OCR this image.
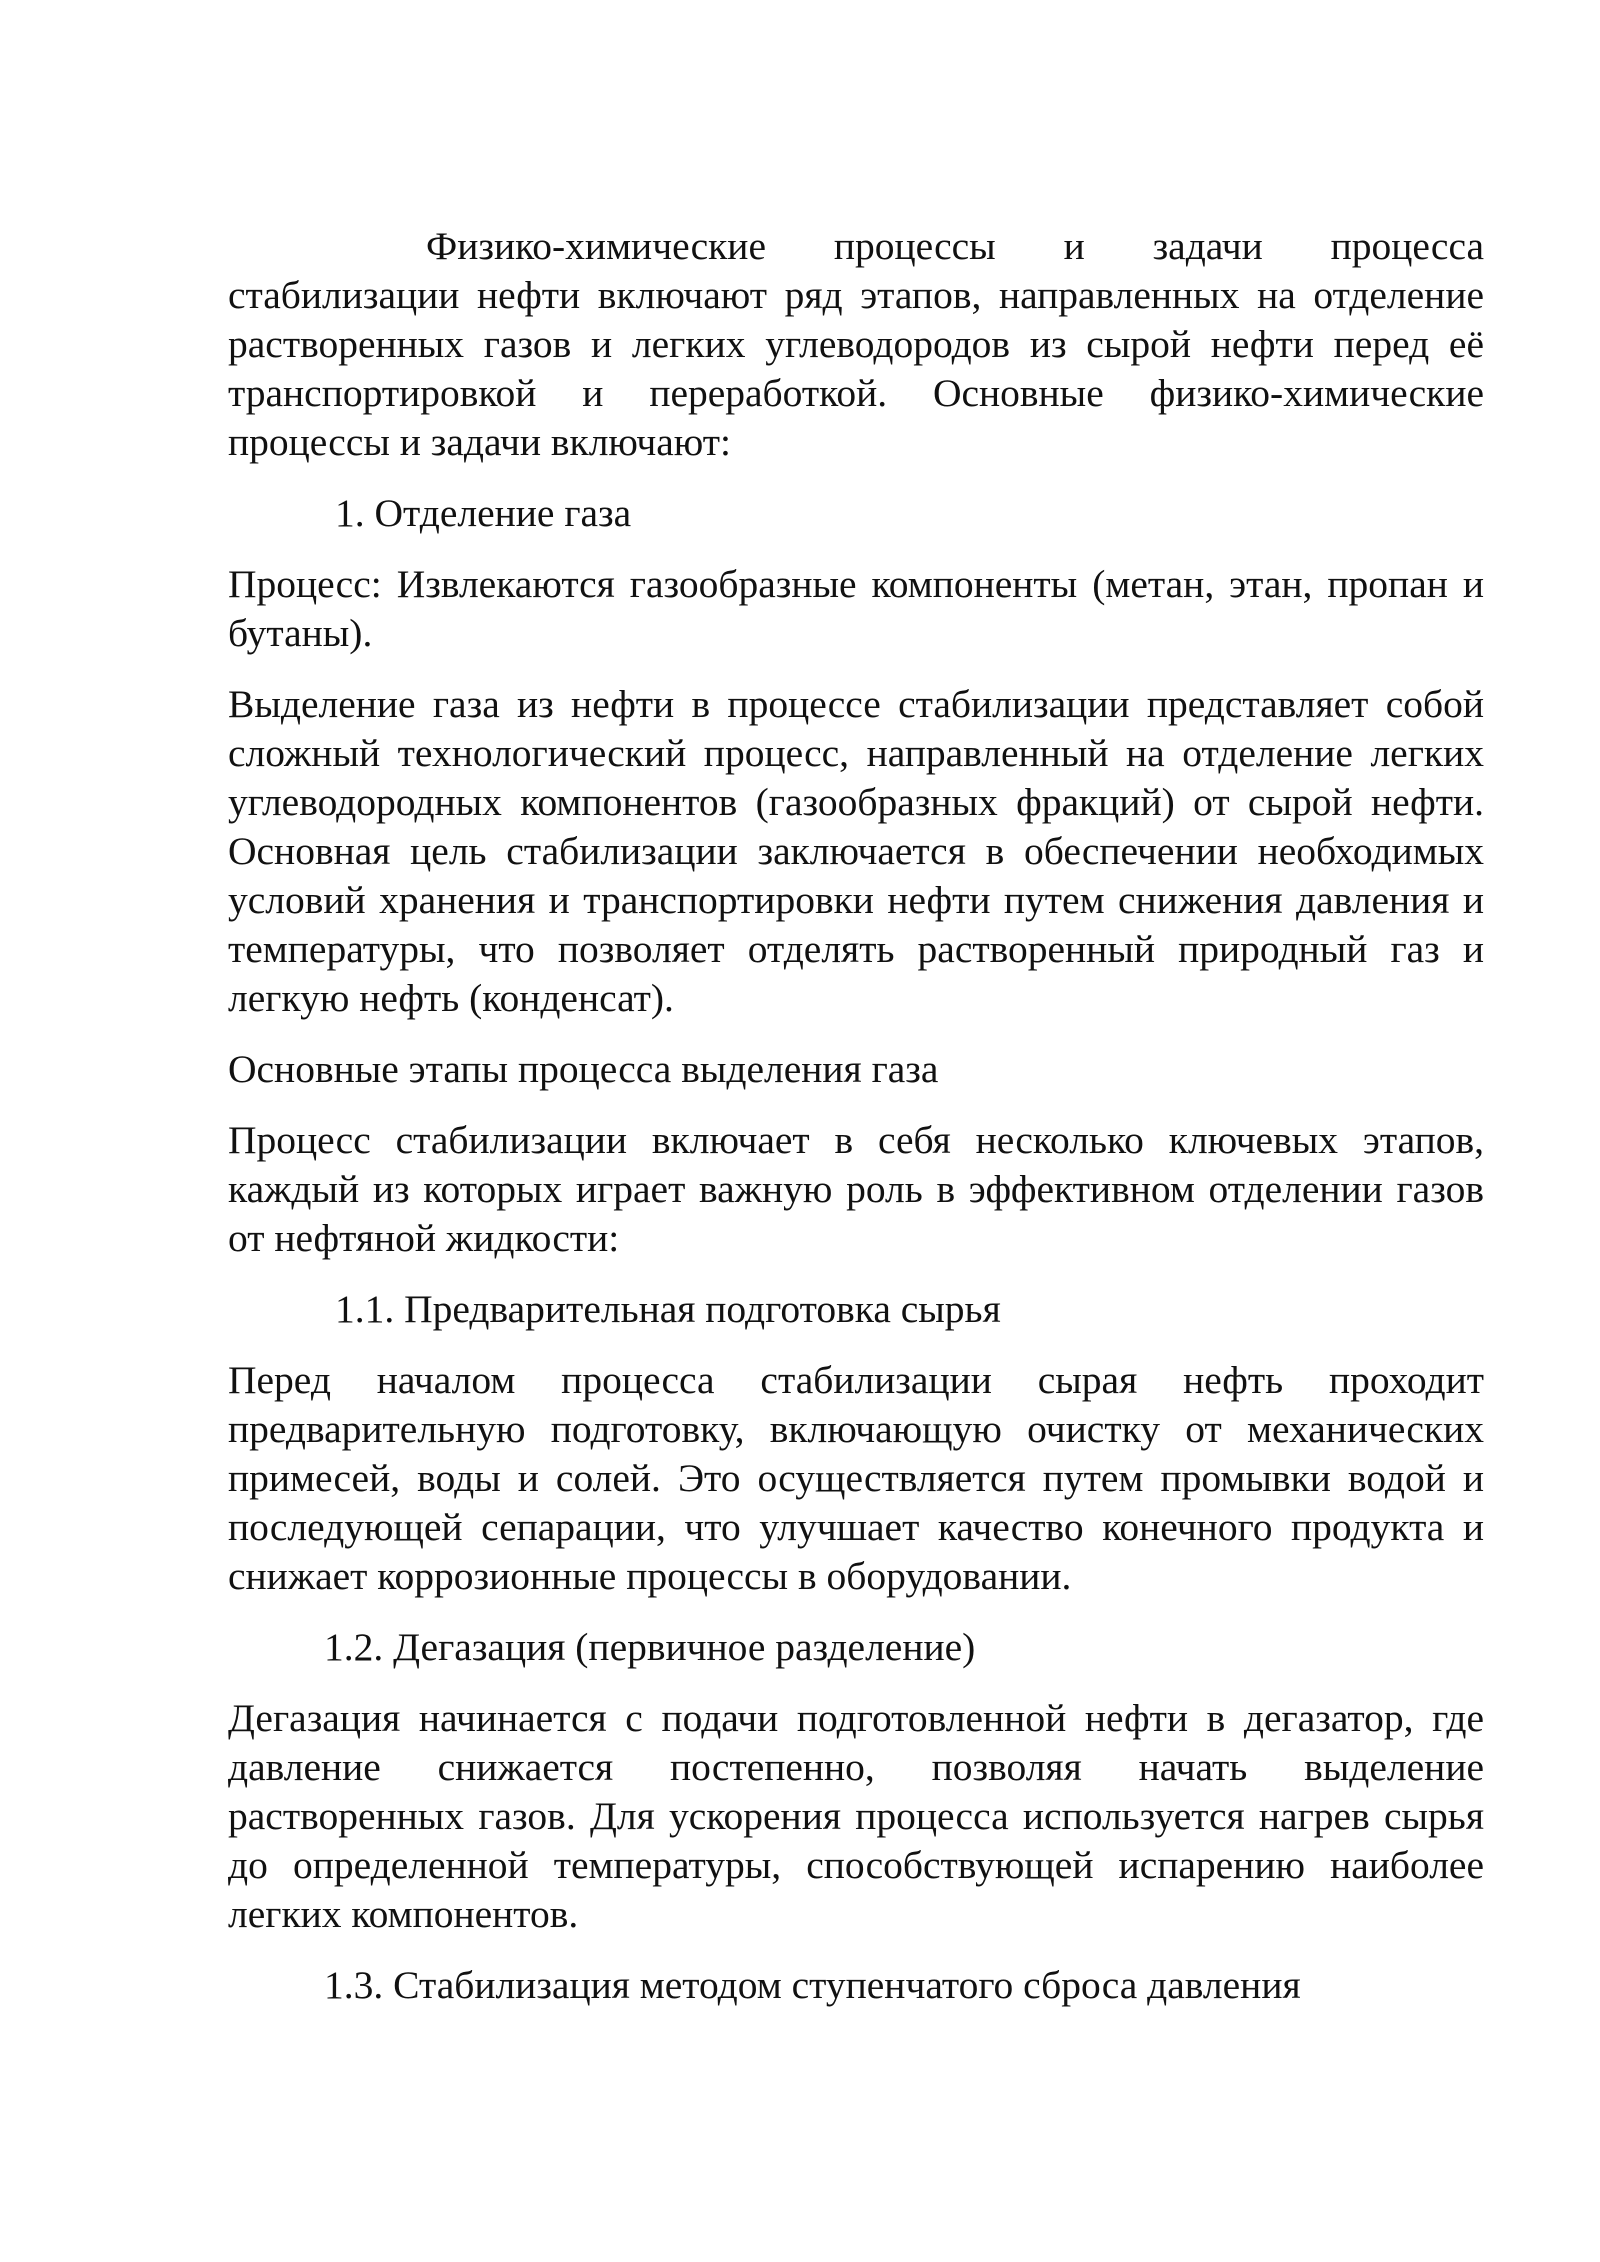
Физико-химические процессы и задачи процесса стабилизации нефти включают ряд этапов, направленных на отделение растворенных газов и легких углеводородов из сырой нефти перед её транспортировкой и переработкой. Основные физико-химические процессы и задачи включают:

1. Отделение газа

Процесс: Извлекаются газообразные компоненты (метан, этан, пропан и бутаны).

Выделение газа из нефти в процессе стабилизации представляет собой сложный технологический процесс, направленный на отделение легких углеводородных компонентов (газообразных фракций) от сырой нефти. Основная цель стабилизации заключается в обеспечении необходимых условий хранения и транспортировки нефти путем снижения давления и температуры, что позволяет отделять растворенный природный газ и легкую нефть (конденсат).

Основные этапы процесса выделения газа

Процесс стабилизации включает в себя несколько ключевых этапов, каждый из которых играет важную роль в эффективном отделении газов от нефтяной жидкости:

1.1. Предварительная подготовка сырья

Перед началом процесса стабилизации сырая нефть проходит предварительную подготовку, включающую очистку от механических примесей, воды и солей. Это осуществляется путем промывки водой и последующей сепарации, что улучшает качество конечного продукта и снижает коррозионные процессы в оборудовании.

1.2. Дегазация (первичное разделение)

Дегазация начинается с подачи подготовленной нефти в дегазатор, где давление снижается постепенно, позволяя начать выделение растворенных газов. Для ускорения процесса используется нагрев сырья до определенной температуры, способствующей испарению наиболее легких компонентов.

1.3. Стабилизация методом ступенчатого сброса давления
